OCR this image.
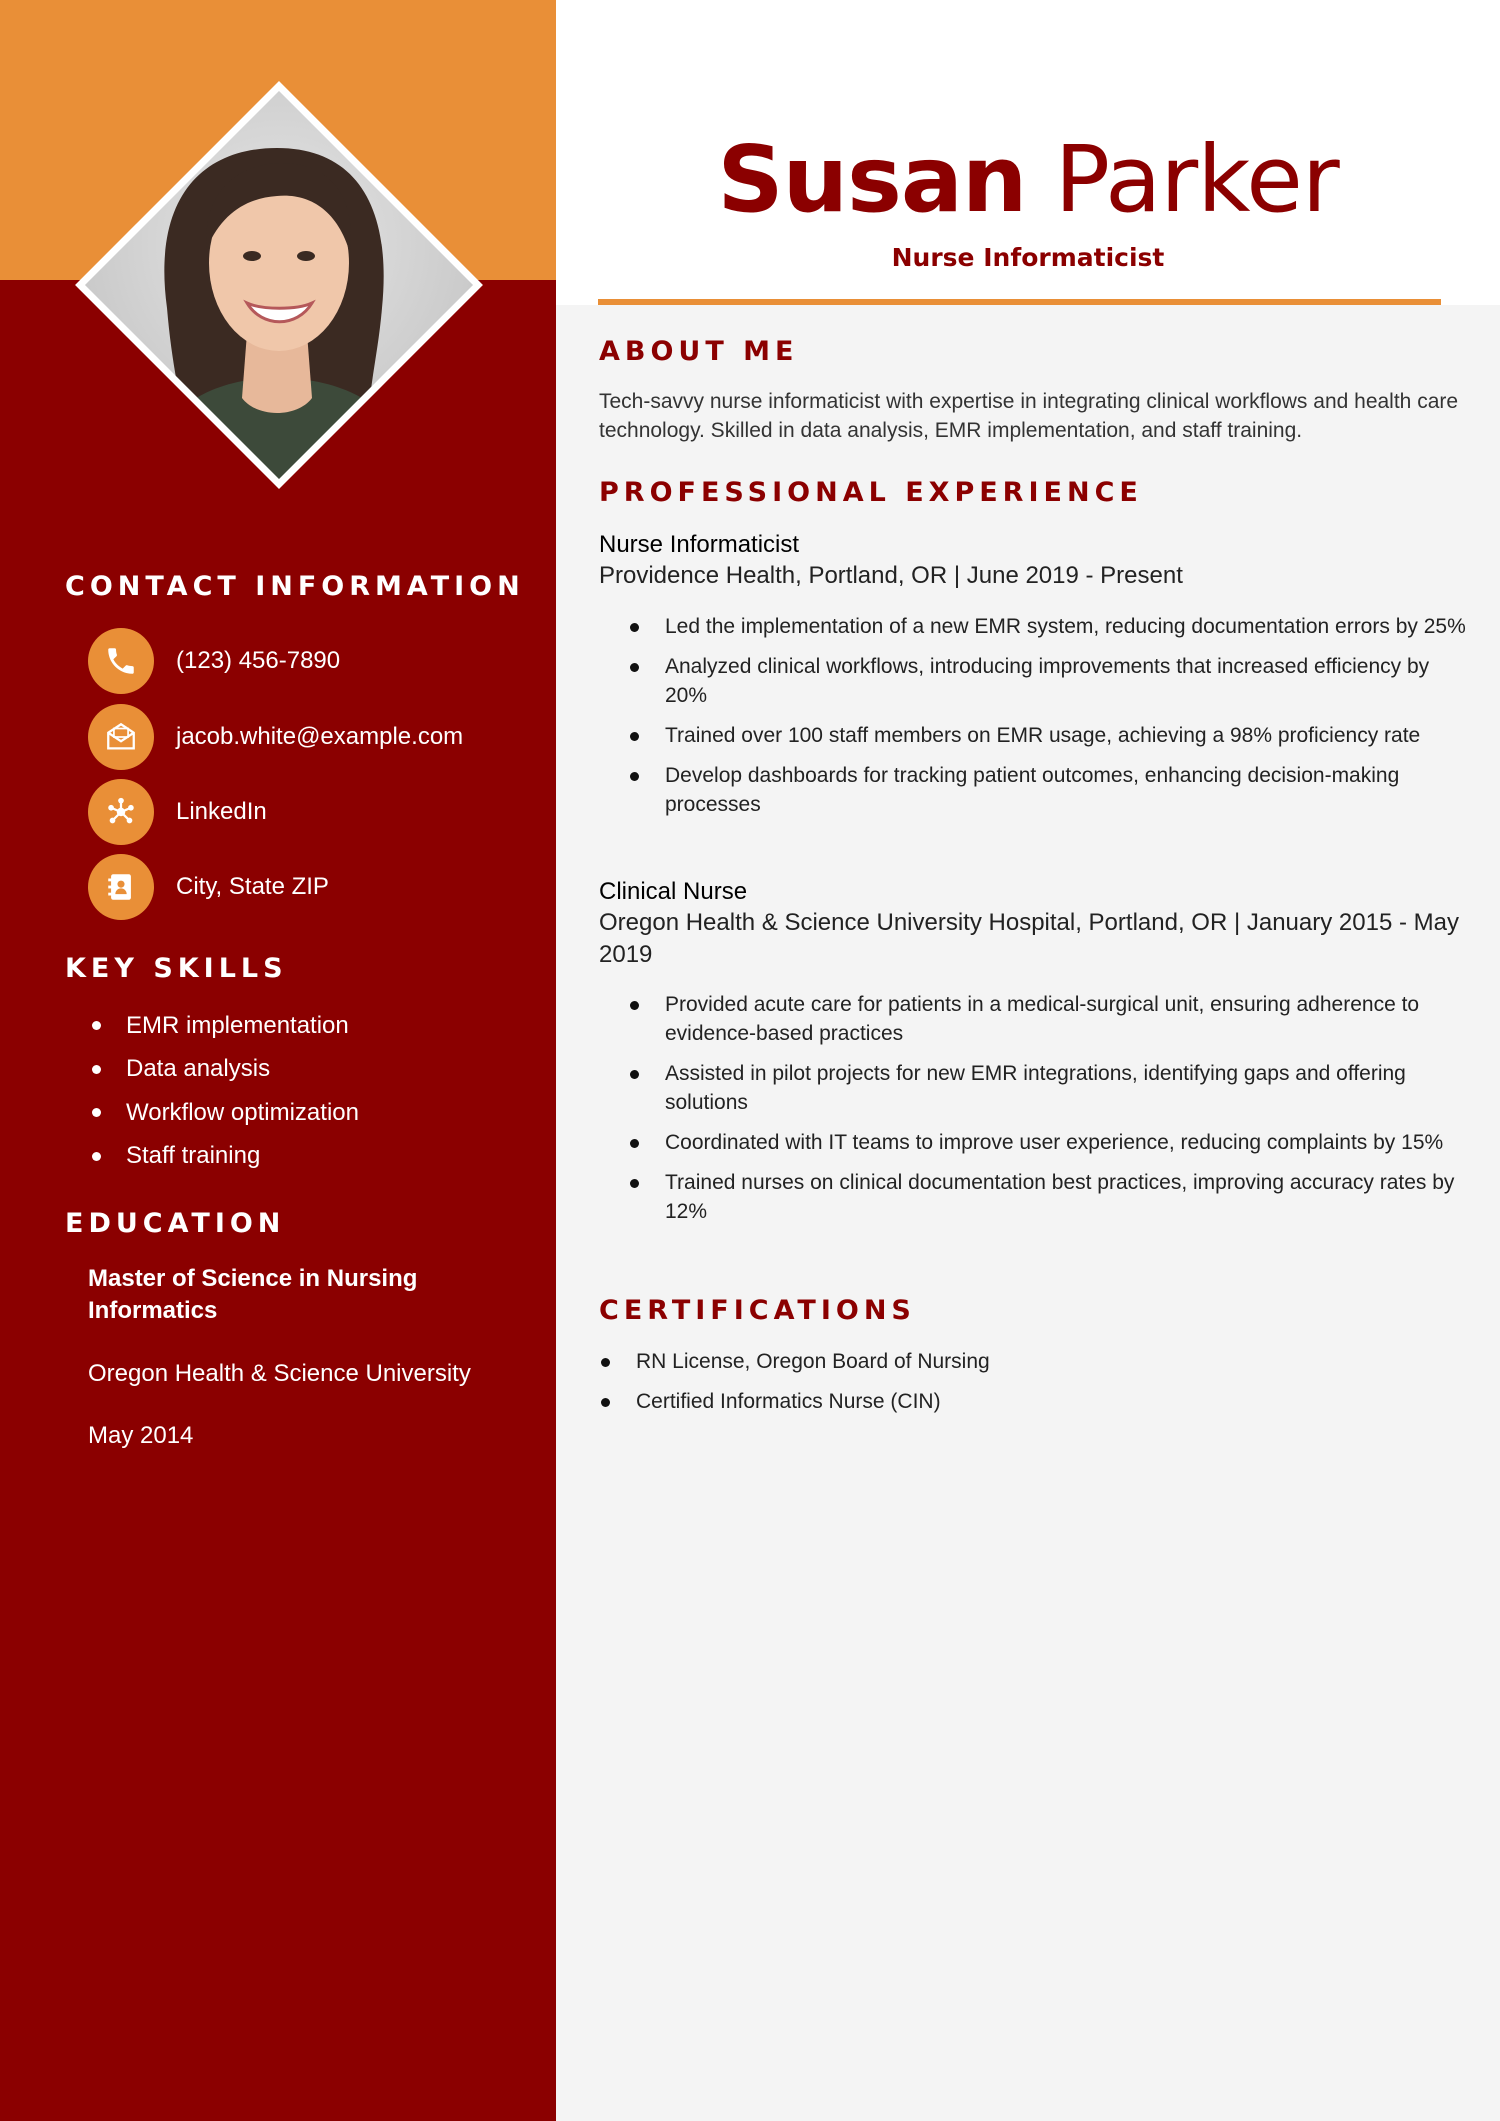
CONTACT INFORMATION
(123) 456-7890
jacob.white@example.com
LinkedIn
City, State ZIP
KEY SKILLS
EMR implementation
Data analysis
Workflow optimization
Staff training
EDUCATION
Master of Science in Nursing Informatics
Oregon Health & Science University
May 2014
Susan Parker
Nurse Informaticist
ABOUT ME
Tech-savvy nurse informaticist with expertise in integrating clinical workflows and health care technology. Skilled in data analysis, EMR implementation, and staff training.
PROFESSIONAL EXPERIENCE
Nurse Informaticist
Providence Health, Portland, OR | June 2019 - Present
Led the implementation of a new EMR system, reducing documentation errors by 25%
Analyzed clinical workflows, introducing improvements that increased efficiency by 20%
Trained over 100 staff members on EMR usage, achieving a 98% proficiency rate
Develop dashboards for tracking patient outcomes, enhancing decision-making processes
Clinical Nurse
Oregon Health & Science University Hospital, Portland, OR | January 2015 - May 2019
Provided acute care for patients in a medical-surgical unit, ensuring adherence to evidence-based practices
Assisted in pilot projects for new EMR integrations, identifying gaps and offering solutions
Coordinated with IT teams to improve user experience, reducing complaints by 15%
Trained nurses on clinical documentation best practices, improving accuracy rates by 12%
CERTIFICATIONS
RN License, Oregon Board of Nursing
Certified Informatics Nurse (CIN)
